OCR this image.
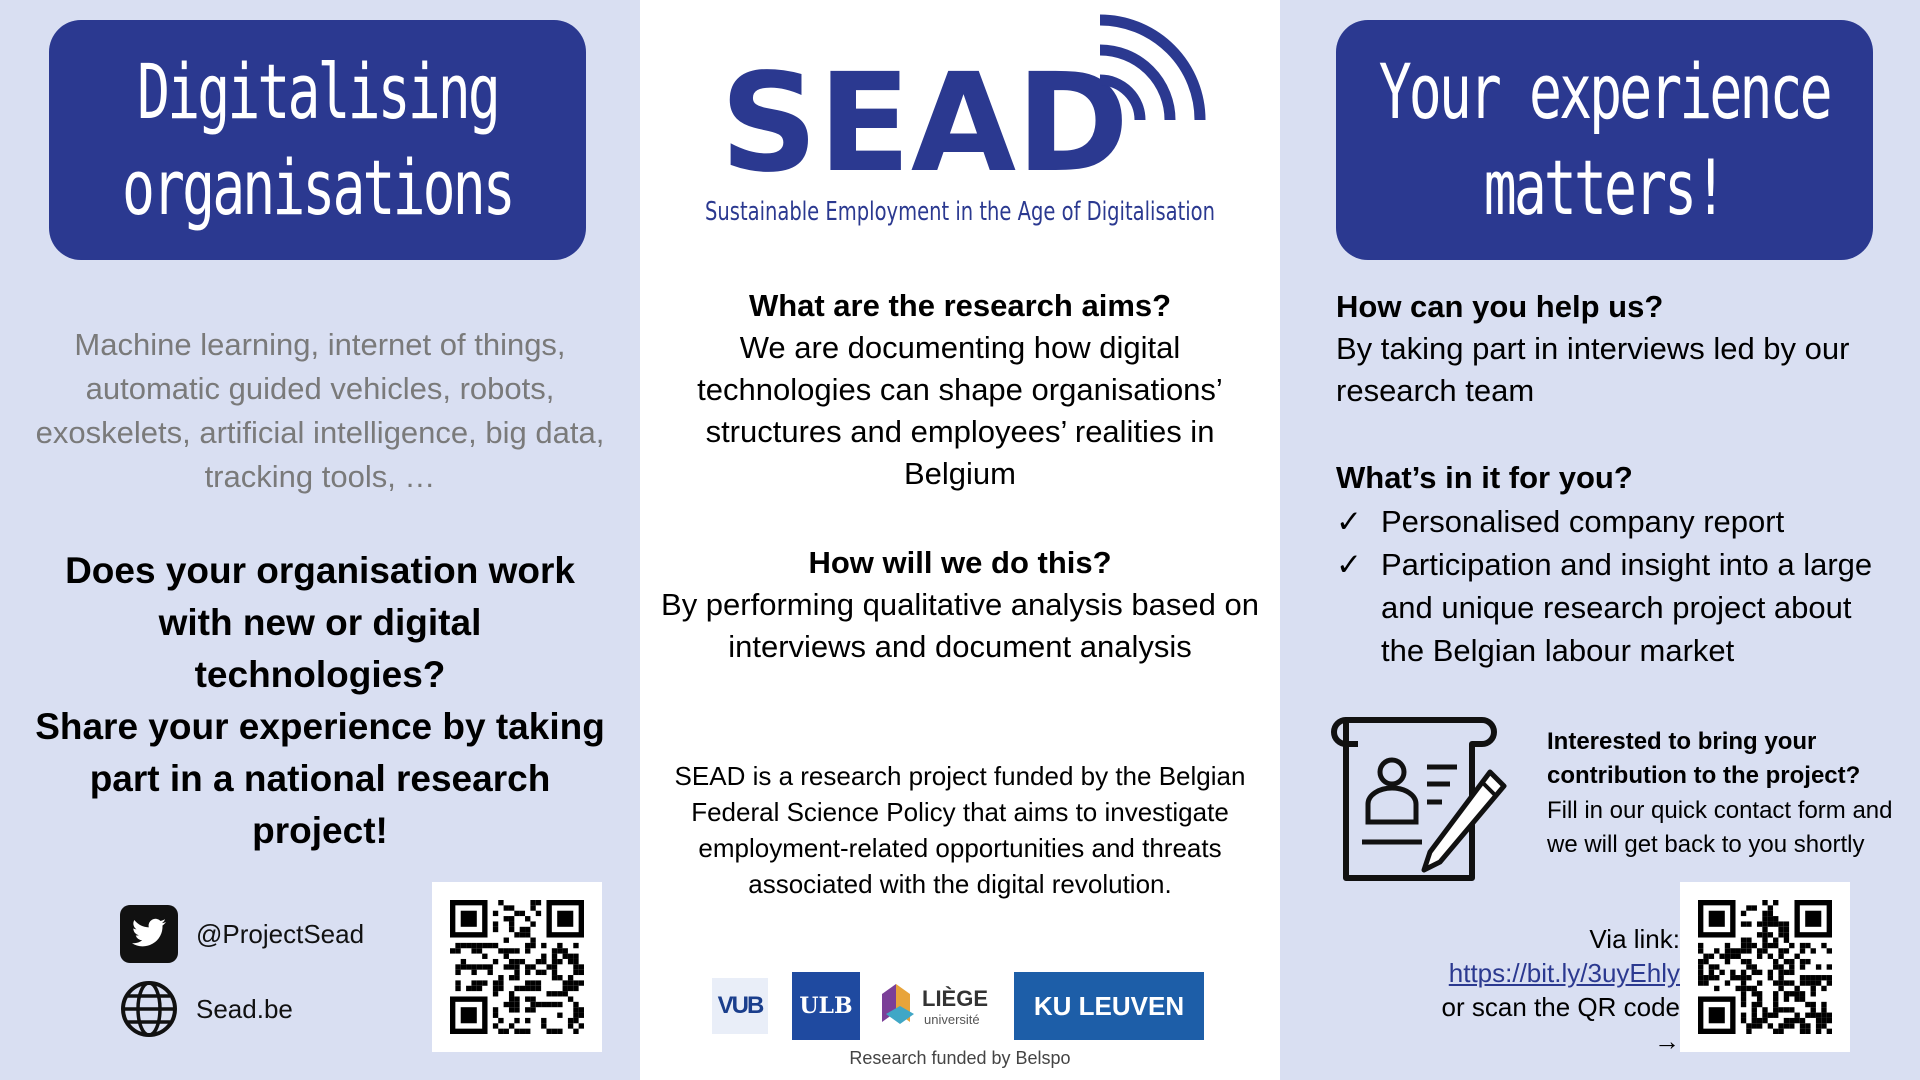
Digitalising
organisations
Machine learning, internet of things, automatic guided vehicles, robots, exoskelets, artificial intelligence, big data, tracking tools, …
Does your organisation work with new or digital technologies?
Share your experience by taking part in a national research project!
@ProjectSead
Sead.be
SEAD
Sustainable Employment in the Age of Digitalisation
What are the research aims?
We are documenting how digital technologies can shape organisations’ structures and employees’ realities in Belgium
How will we do this?
By performing qualitative analysis based on interviews and document analysis
SEAD is a research project funded by the Belgian Federal Science Policy that aims to investigate employment-related opportunities and threats associated with the digital revolution.
VUB ULB	LIÈGE
université KU LEUVEN
Research funded by Belspo
Your experience
matters!
How can you help us?
By taking part in interviews led by our research team
What’s in it for you?
✓ Personalised company report
✓ Participation and insight into a large and unique research project about the Belgian labour market
Interested to bring your contribution to the project?
Fill in our quick contact form and we will get back to you shortly
Via link:
https://bit.ly/3uyEhly
or scan the QR code →
